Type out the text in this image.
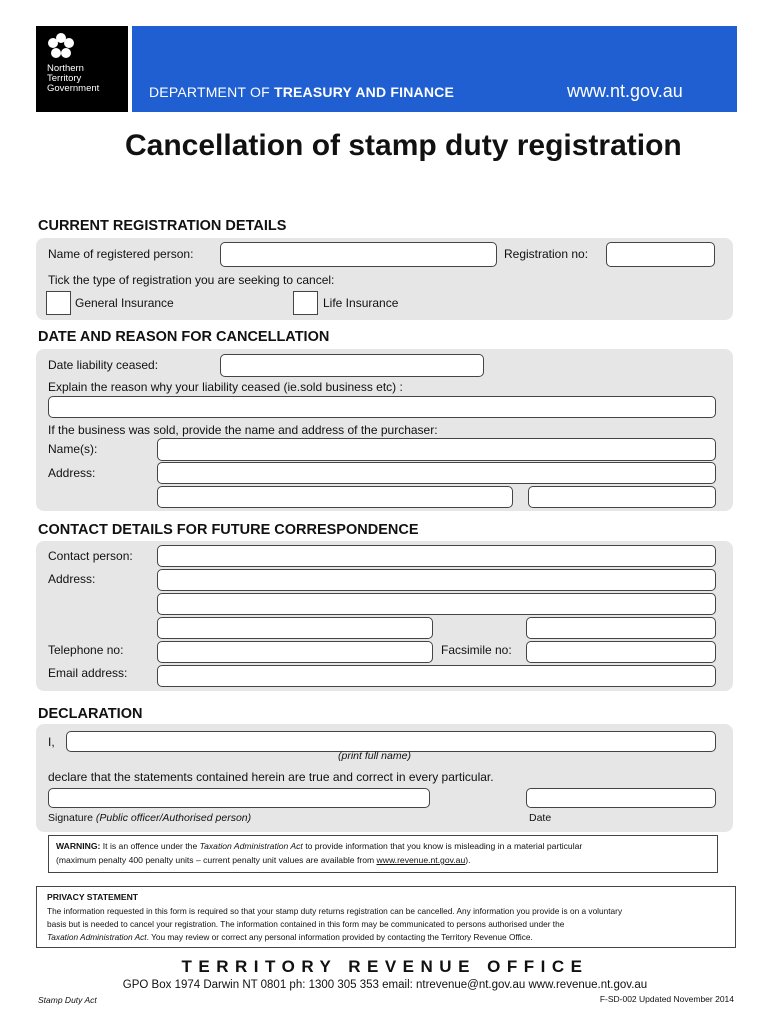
Northern
Territory
Government	DEPARTMENT OF TREASURY AND FINANCE	www.nt.gov.au
Cancellation of stamp duty registration
CURRENT REGISTRATION DETAILS
Name of registered person:	Registration no:
Tick the type of registration you are seeking to cancel:
General Insurance	Life Insurance
DATE AND REASON FOR CANCELLATION
Date liability ceased:
Explain the reason why your liability ceased (ie.sold business etc) :
If the business was sold, provide the name and address of the purchaser:
Name(s):
Address:
CONTACT DETAILS FOR FUTURE CORRESPONDENCE
Contact person:
Address:
Telephone no:	Facsimile no:
Email address:
DECLARATION
I,
(print full name)
declare that the statements contained herein are true and correct in every particular.
Signature (Public officer/Authorised person)	Date
WARNING: It is an offence under the Taxation Administration Act to provide information that you know is misleading in a material particular
(maximum penalty 400 penalty units – current penalty unit values are available from www.revenue.nt.gov.au).
PRIVACY STATEMENT
The information requested in this form is required so that your stamp duty returns registration can be cancelled. Any information you provide is on a voluntary
basis but is needed to cancel your registration. The information contained in this form may be communicated to persons authorised under the
Taxation Administration Act. You may review or correct any personal information provided by contacting the Territory Revenue Office.
TERRITORY REVENUE OFFICE
GPO Box 1974 Darwin NT 0801 ph: 1300 305 353 email: ntrevenue@nt.gov.au www.revenue.nt.gov.au
Stamp Duty Act	F-SD-002 Updated November 2014
